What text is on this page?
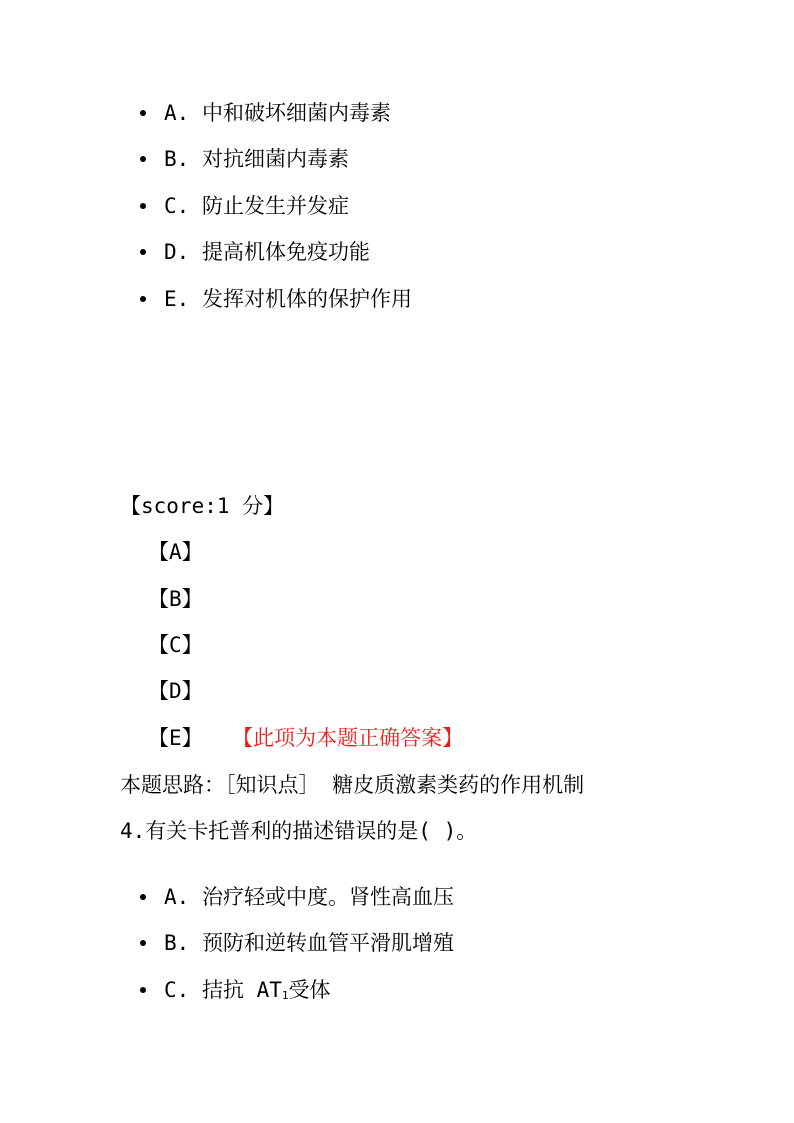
A. 中和破坏细菌内毒素
B. 对抗细菌内毒素
C. 防止发生并发症
D. 提高机体免疫功能
E. 发挥对机体的保护作用
【score:1 分】
【A】
【B】
【C】
【D】
【E】 【此项为本题正确答案】
本题思路：［知识点］ 糖皮质激素类药的作用机制
4.有关卡托普利的描述错误的是( )。
A. 治疗轻或中度。肾性高血压
B. 预防和逆转血管平滑肌增殖
C. 拮抗 $AT_1$受体
